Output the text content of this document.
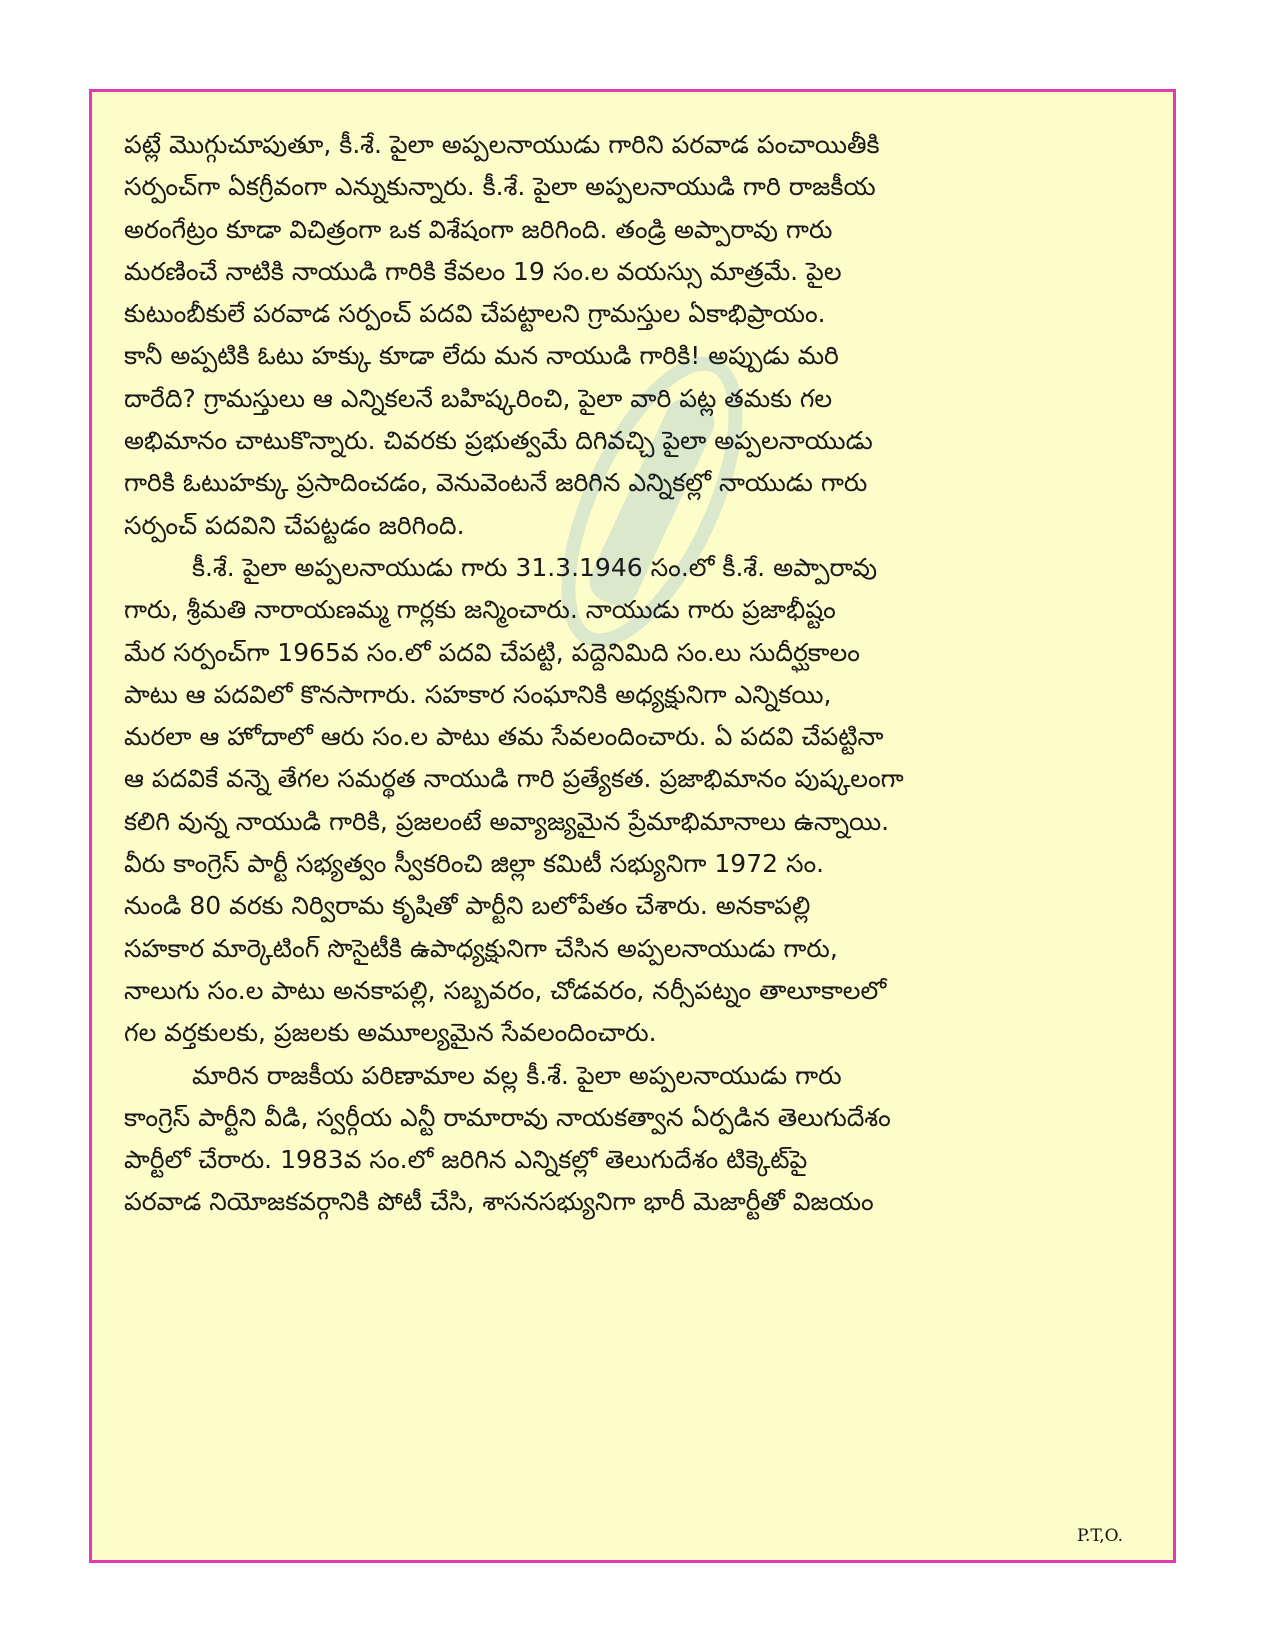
పట్లే మొగ్గుచూపుతూ, కీ.శే. పైలా అప్పలనాయుడు గారిని పరవాడ పంచాయితీకి
సర్పంచ్‌గా ఏకగ్రీవంగా ఎన్నుకున్నారు. కీ.శే. పైలా అప్పలనాయుడి గారి రాజకీయ
అరంగేట్రం కూడా విచిత్రంగా ఒక విశేషంగా జరిగింది. తండ్రి అప్పారావు గారు
మరణించే నాటికి నాయుడి గారికి కేవలం 19 సం.ల వయస్సు మాత్రమే. పైల
కుటుంబీకులే పరవాడ సర్పంచ్ పదవి చేపట్టాలని గ్రామస్తుల ఏకాభిప్రాయం.
కానీ అప్పటికి ఓటు హక్కు కూడా లేదు మన నాయుడి గారికి! అప్పుడు మరి
దారేది? గ్రామస్తులు ఆ ఎన్నికలనే బహిష్కరించి, పైలా వారి పట్ల తమకు గల
అభిమానం చాటుకొన్నారు. చివరకు ప్రభుత్వమే దిగివచ్చి పైలా అప్పలనాయుడు
గారికి ఓటుహక్కు ప్రసాదించడం, వెనువెంటనే జరిగిన ఎన్నికల్లో నాయుడు గారు
సర్పంచ్ పదవిని చేపట్టడం జరిగింది.

కీ.శే. పైలా అప్పలనాయుడు గారు 31.3.1946 సం.లో కీ.శే. అప్పారావు
గారు, శ్రీమతి నారాయణమ్మ గార్లకు జన్మించారు. నాయుడు గారు ప్రజాభీష్టం
మేర సర్పంచ్‌గా 1965వ సం.లో పదవి చేపట్టి, పద్దెనిమిది సం.లు సుదీర్ఘకాలం
పాటు ఆ పదవిలో కొనసాగారు. సహకార సంఘానికి అధ్యక్షునిగా ఎన్నికయి,
మరలా ఆ హోదాలో ఆరు సం.ల పాటు తమ సేవలందించారు. ఏ పదవి చేపట్టినా
ఆ పదవికే వన్నె తేగల సమర్థత నాయుడి గారి ప్రత్యేకత. ప్రజాభిమానం పుష్కలంగా
కలిగి వున్న నాయుడి గారికి, ప్రజలంటే అవ్యాజ్యమైన ప్రేమాభిమానాలు ఉన్నాయి.
వీరు కాంగ్రెస్ పార్టీ సభ్యత్వం స్వీకరించి జిల్లా కమిటీ సభ్యునిగా 1972 సం.
నుండి 80 వరకు నిర్విరామ కృషితో పార్టీని బలోపేతం చేశారు. అనకాపల్లి
సహకార మార్కెటింగ్ సొసైటీకి ఉపాధ్యక్షునిగా చేసిన అప్పలనాయుడు గారు,
నాలుగు సం.ల పాటు అనకాపల్లి, సబ్బవరం, చోడవరం, నర్సీపట్నం తాలూకాలలో
గల వర్తకులకు, ప్రజలకు అమూల్యమైన సేవలందించారు.

మారిన రాజకీయ పరిణామాల వల్ల కీ.శే. పైలా అప్పలనాయుడు గారు
కాంగ్రెస్ పార్టీని వీడి, స్వర్గీయ ఎన్టీ రామారావు నాయకత్వాన ఏర్పడిన తెలుగుదేశం
పార్టీలో చేరారు. 1983వ సం.లో జరిగిన ఎన్నికల్లో తెలుగుదేశం టిక్కెట్‌పై
పరవాడ నియోజకవర్గానికి పోటీ చేసి, శాసనసభ్యునిగా భారీ మెజార్టీతో విజయం

P.T,O.
